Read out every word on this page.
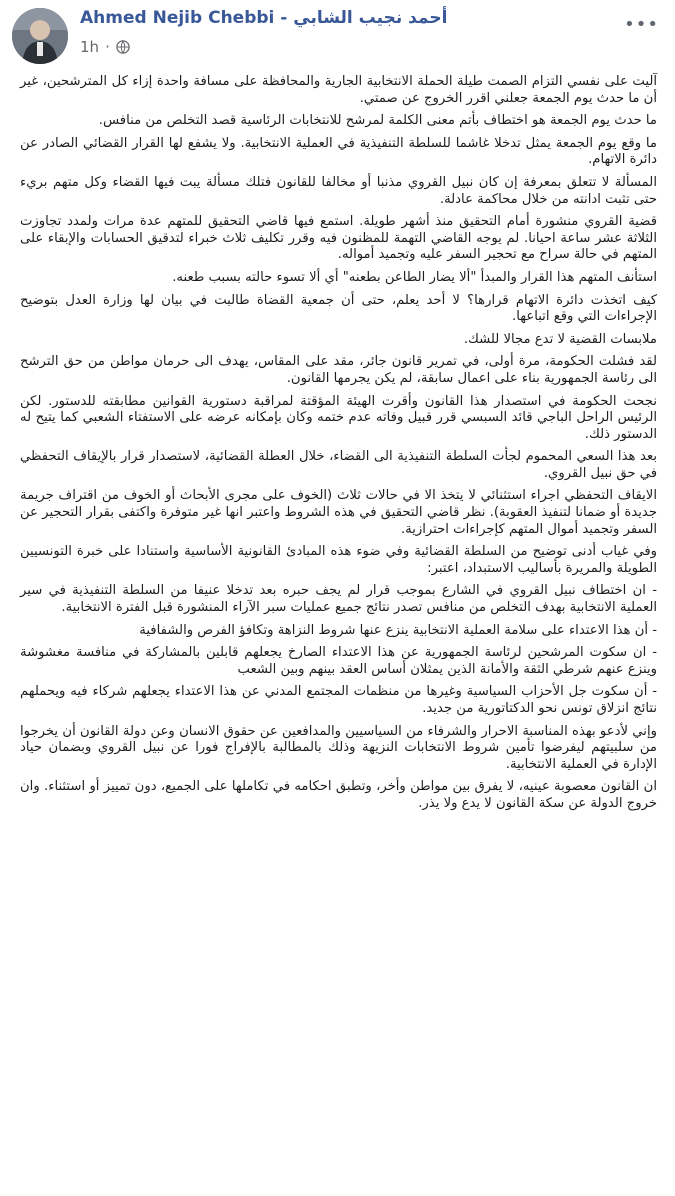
Ahmed Nejib Chebbi - أحمد نجيب الشابي
1h ·
•••

آليت على نفسي التزام الصمت طيلة الحملة الانتخابية الجارية والمحافظة على مسافة واحدة إزاء كل المترشحين، غير أن ما حدث يوم الجمعة جعلني اقرر الخروج عن صمتي.

ما حدث يوم الجمعة هو اختطاف بأتم معنى الكلمة لمرشح للانتخابات الرئاسية قصد التخلص من منافس.

ما وقع يوم الجمعة يمثل تدخلا غاشما للسلطة التنفيذية في العملية الانتخابية. ولا يشفع لها القرار القضائي الصادر عن دائرة الاتهام.

المسألة لا تتعلق بمعرفة إن كان نبيل القروي مذنبا أو مخالفا للقانون فتلك مسألة يبت فيها القضاء وكل متهم بريء حتى تثبت ادانته من خلال محاكمة عادلة.

قضية القروي منشورة أمام التحقيق منذ أشهر طويلة. استمع فيها قاضي التحقيق للمتهم عدة مرات ولمدد تجاوزت الثلاثة عشر ساعة احيانا. لم يوجه القاضي التهمة للمظنون فيه وقرر تكليف ثلاث خبراء لتدقيق الحسابات والإبقاء على المتهم في حالة سراح مع تحجير السفر عليه وتجميد أمواله.

استأنف المتهم هذا القرار والمبدأ "ألا يضار الطاعن بطعنه" أي ألا تسوء حالته بسبب طعنه.

كيف اتخذت دائرة الاتهام قرارها؟ لا أحد يعلم، حتى أن جمعية القضاة طالبت في بيان لها وزارة العدل بتوضيح الإجراءات التي وقع اتباعها.

ملابسات القضية لا تدع مجالا للشك.

لقد فشلت الحكومة، مرة أولى، في تمرير قانون جائر، مقد على المقاس، يهدف الى حرمان مواطن من حق الترشح الى رئاسة الجمهورية بناء على اعمال سابقة، لم يكن يجرمها القانون.

نجحت الحكومة في استصدار هذا القانون وأقرت الهيئة المؤقتة لمراقبة دستورية القوانين مطابقته للدستور. لكن الرئيس الراحل الباجي قائد السبسي قرر قبيل وفاته عدم ختمه وكان بإمكانه عرضه على الاستفتاء الشعبي كما يتيح له الدستور ذلك.

بعد هذا السعي المحموم لجأت السلطة التنفيذية الى القضاء، خلال العطلة القضائية، لاستصدار قرار بالإيقاف التحفظي في حق نبيل القروي.

الايقاف التحفظي اجراء استثنائي لا يتخذ الا في حالات ثلاث (الخوف على مجرى الأبحاث أو الخوف من اقتراف جريمة جديدة أو ضمانا لتنفيذ العقوبة). نظر قاضي التحقيق في هذه الشروط واعتبر انها غير متوفرة واكتفى بقرار التحجير عن السفر وتجميد أموال المتهم كإجراءات احترازية.

وفي غياب أدنى توضيح من السلطة القضائية وفي ضوء هذه المبادئ القانونية الأساسية واستنادا على خبرة التونسيين الطويلة والمريرة بأساليب الاستبداد، اعتبر:

- ان اختطاف نبيل القروي في الشارع بموجب قرار لم يجف حبره بعد تدخلا عنيفا من السلطة التنفيذية في سير العملية الانتخابية بهدف التخلص من منافس تصدر نتائج جميع عمليات سبر الآراء المنشورة قبل الفترة الانتخابية.

- أن هذا الاعتداء على سلامة العملية الانتخابية ينزع عنها شروط النزاهة وتكافؤ الفرص والشفافية

- ان سكوت المرشحين لرئاسة الجمهورية عن هذا الاعتداء الصارخ يجعلهم قابلين بالمشاركة في منافسة مغشوشة وينزع عنهم شرطي الثقة والأمانة الذين يمثلان أساس العقد بينهم وبين الشعب

- أن سكوت جل الأحزاب السياسية وغيرها من منظمات المجتمع المدني عن هذا الاعتداء يجعلهم شركاء فيه ويحملهم نتائج انزلاق تونس نحو الدكتاتورية من جديد.

وإني لأدعو بهذه المناسبة الاحرار والشرفاء من السياسيين والمدافعين عن حقوق الانسان وعن دولة القانون أن يخرجوا من سلبيتهم ليفرضوا تأمين شروط الانتخابات النزيهة وذلك بالمطالبة بالإفراج فورا عن نبيل القروي وبضمان حياد الإدارة في العملية الانتخابية.

ان القانون معصوبة عينيه، لا يفرق بين مواطن وأخر، وتطبق احكامه في تكاملها على الجميع، دون تمييز أو استثناء. وان خروج الدولة عن سكة القانون لا يدع ولا يذر.
